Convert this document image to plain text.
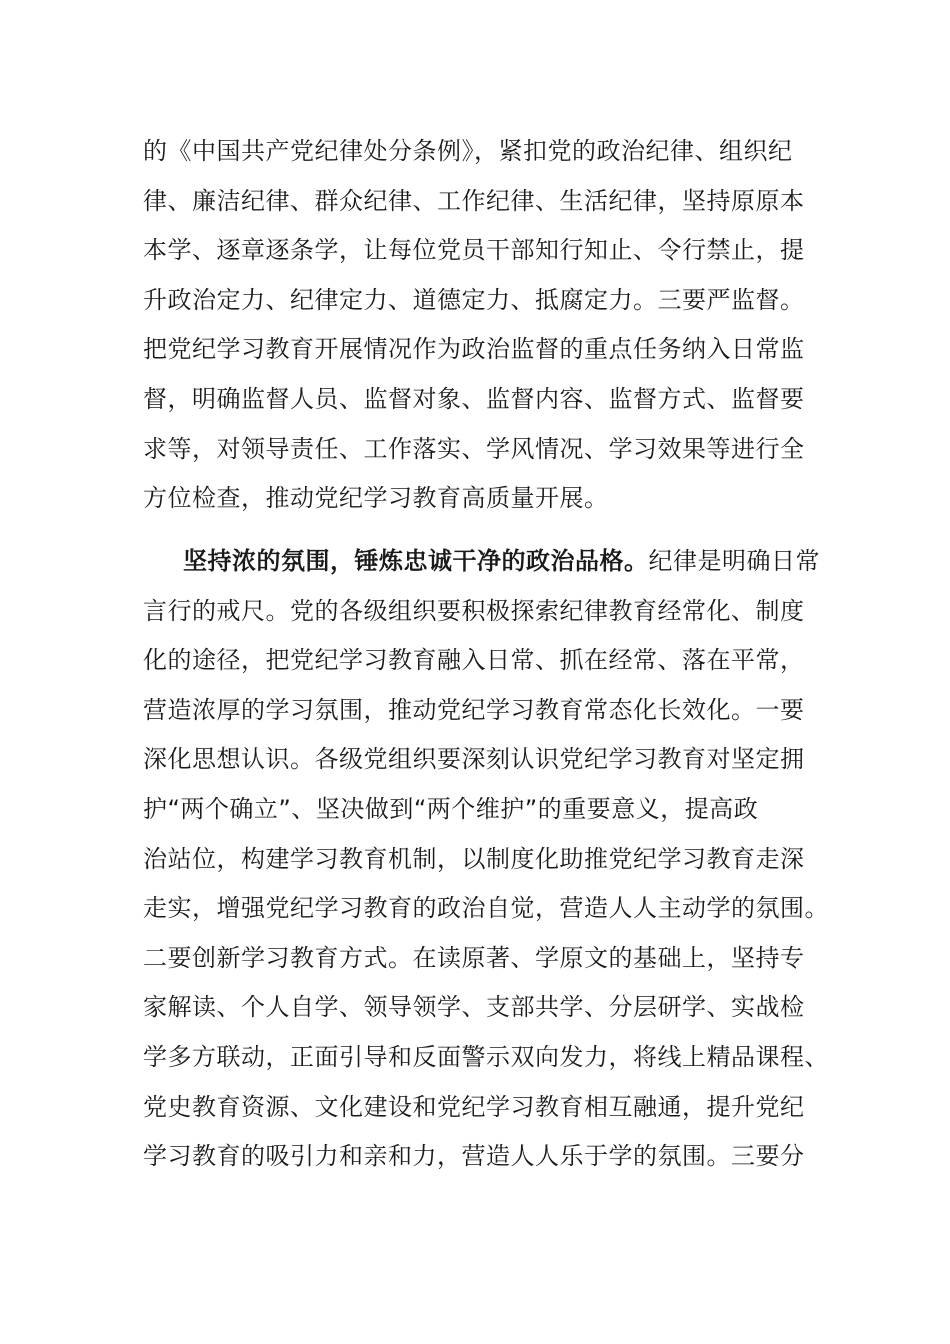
的《中国共产党纪律处分条例》，紧扣党的政治纪律、组织纪
律、廉洁纪律、群众纪律、工作纪律、生活纪律，坚持原原本
本学、逐章逐条学，让每位党员干部知行知止、令行禁止，提
升政治定力、纪律定力、道德定力、抵腐定力。三要严监督。
把党纪学习教育开展情况作为政治监督的重点任务纳入日常监
督，明确监督人员、监督对象、监督内容、监督方式、监督要
求等，对领导责任、工作落实、学风情况、学习效果等进行全
方位检查，推动党纪学习教育高质量开展。
坚持浓的氛围，锤炼忠诚干净的政治品格。纪律是明确日常
言行的戒尺。党的各级组织要积极探索纪律教育经常化、制度
化的途径，把党纪学习教育融入日常、抓在经常、落在平常，
营造浓厚的学习氛围，推动党纪学习教育常态化长效化。一要
深化思想认识。各级党组织要深刻认识党纪学习教育对坚定拥
护“两个确立”、坚决做到“两个维护”的重要意义，提高政
治站位，构建学习教育机制，以制度化助推党纪学习教育走深
走实，增强党纪学习教育的政治自觉，营造人人主动学的氛围。
二要创新学习教育方式。在读原著、学原文的基础上，坚持专
家解读、个人自学、领导领学、支部共学、分层研学、实战检
学多方联动，正面引导和反面警示双向发力，将线上精品课程、
党史教育资源、文化建设和党纪学习教育相互融通，提升党纪
学习教育的吸引力和亲和力，营造人人乐于学的氛围。三要分
